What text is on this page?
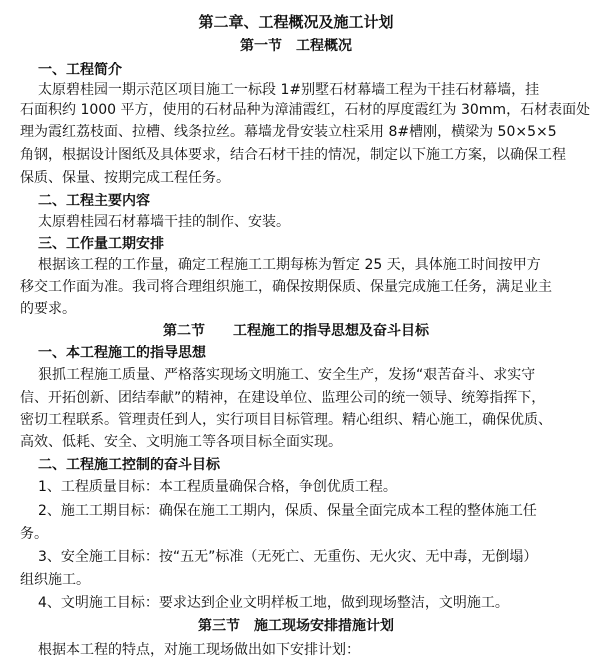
第二章、工程概况及施工计划
第一节　工程概况
一、工程简介
太原碧桂园一期示范区项目施工一标段 1#别墅石材幕墙工程为干挂石材幕墙，挂
石面积约 1000 平方，使用的石材品种为漳浦霞红，石材的厚度霞红为 30mm，石材表面处
理为霞红荔枝面、拉槽、线条拉丝。幕墙龙骨安装立柱采用 8#槽刚，横梁为 50×5×5
角钢，根据设计图纸及具体要求，结合石材干挂的情况，制定以下施工方案，以确保工程
保质、保量、按期完成工程任务。
二、工程主要内容
太原碧桂园石材幕墙干挂的制作、安装。
三、工作量工期安排
根据该工程的工作量，确定工程施工工期每栋为暂定 25 天，具体施工时间按甲方
移交工作面为准。我司将合理组织施工，确保按期保质、保量完成施工任务，满足业主
的要求。
第二节　　工程施工的指导思想及奋斗目标
一、本工程施工的指导思想
狠抓工程施工质量、严格落实现场文明施工、安全生产，发扬“艰苦奋斗、求实守
信、开拓创新、团结奉献”的精神，在建设单位、监理公司的统一领导、统筹指挥下，
密切工程联系。管理责任到人，实行项目目标管理。精心组织、精心施工，确保优质、
高效、低耗、安全、文明施工等各项目标全面实现。
二、工程施工控制的奋斗目标
1、工程质量目标：本工程质量确保合格，争创优质工程。
2、施工工期目标：确保在施工工期内，保质、保量全面完成本工程的整体施工任
务。
3、安全施工目标：按“五无”标准（无死亡、无重伤、无火灾、无中毒，无倒塌）
组织施工。
4、文明施工目标：要求达到企业文明样板工地，做到现场整洁，文明施工。
第三节　施工现场安排措施计划
根据本工程的特点，对施工现场做出如下安排计划：
